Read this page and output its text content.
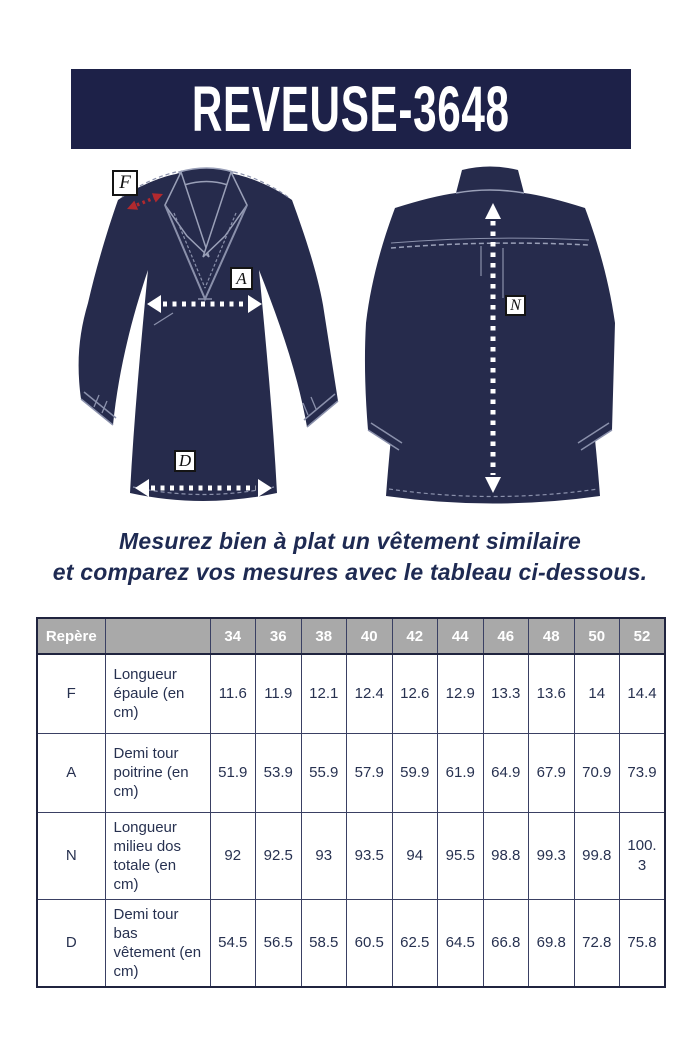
REVEUSE-3648
F
A
D
N
Mesurez bien à plat un vêtement similaire
et comparez vos mesures avec le tableau ci-dessous.
Repère		34	36	38	40	42	44	46	48	50	52
F	Longueur épaule (en cm)	11.6	11.9	12.1	12.4	12.6	12.9	13.3	13.6	14	14.4
A	Demi tour poitrine (en cm)	51.9	53.9	55.9	57.9	59.9	61.9	64.9	67.9	70.9	73.9
N	Longueur milieu dos totale (en cm)	92	92.5	93	93.5	94	95.5	98.8	99.3	99.8	100.3
D	Demi tour bas vêtement (en cm)	54.5	56.5	58.5	60.5	62.5	64.5	66.8	69.8	72.8	75.8
